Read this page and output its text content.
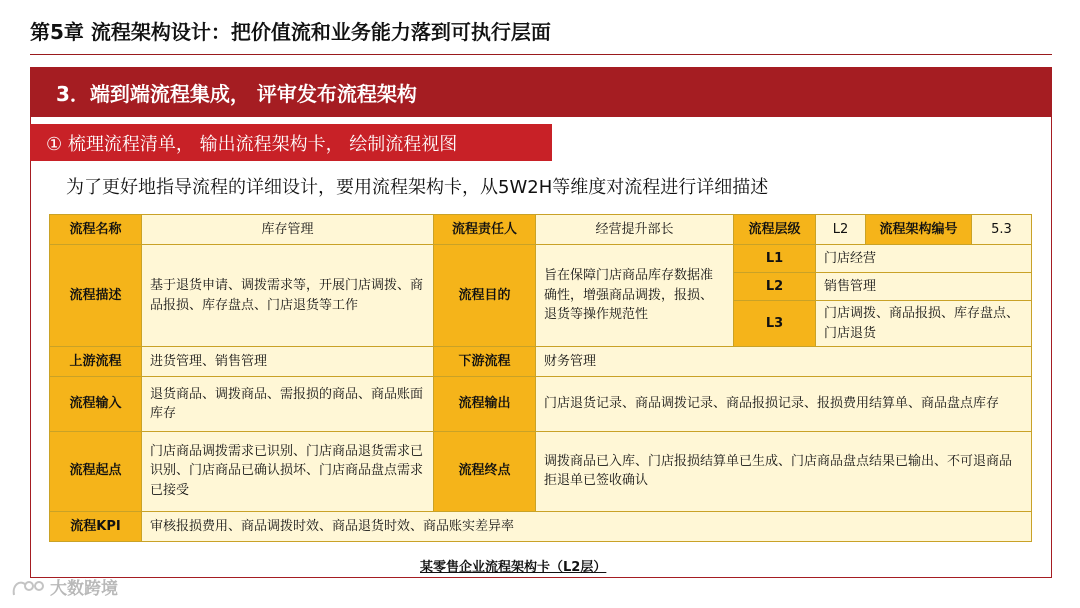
第5章 流程架构设计：把价值流和业务能力落到可执行层面
3．端到端流程集成， 评审发布流程架构
① 梳理流程清单， 输出流程架构卡， 绘制流程视图
为了更好地指导流程的详细设计，要用流程架构卡，从5W2H等维度对流程进行详细描述
流程名称	库存管理	流程责任人	经营提升部长	流程层级	L2	流程架构编号	5.3
流程描述	基于退货申请、调拨需求等，开展门店调拨、商品报损、库存盘点、门店退货等工作	流程目的	旨在保障门店商品库存数据准确性，增强商品调拨，报损、退货等操作规范性	L1	门店经营		
				L2	销售管理		
				L3	门店调拨、商品报损、库存盘点、门店退货		
上游流程	进货管理、销售管理	下游流程	财务管理				
流程输入	退货商品、调拨商品、需报损的商品、商品账面库存	流程输出	门店退货记录、商品调拨记录、商品报损记录、报损费用结算单、商品盘点库存				
流程起点	门店商品调拨需求已识别、门店商品退货需求已识别、门店商品已确认损坏、门店商品盘点需求已接受	流程终点	调拨商品已入库、门店报损结算单已生成、门店商品盘点结果已输出、不可退商品拒退单已签收确认				
流程KPI	审核报损费用、商品调拨时效、商品退货时效、商品账实差异率						
某零售企业流程架构卡（L2层）
大数跨境
